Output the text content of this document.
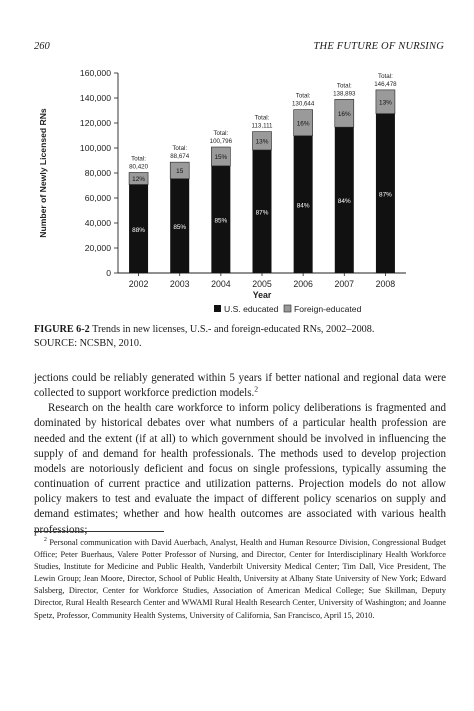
260	THE FUTURE OF NURSING
0
20,000
40,000
60,000
80,000
100,000
120,000
140,000
160,000
Number of Newly Licensed RNs	88%
12%
Total:
80,420
2002
85%
15
Total:
88,674
2003
85%
15%
Total:
100,796
2004
87%
13%
Total:
113,111
2005
84%
16%
Total:
130,644
2006
84%
16%
Total:
138,893
2007
87%
13%
Total:
146,478
2008
Year
U.S. educated Foreign-educated
FIGURE 6-2 Trends in new licenses, U.S.- and foreign-educated RNs, 2002–2008.
SOURCE: NCSBN, 2010.

jections could be reliably generated within 5 years if better national and regional data were collected to support workforce prediction models.$^2$

Research on the health care workforce to inform policy deliberations is fragmented and dominated by historical debates over what numbers of a particular health profession are needed and the extent (if at all) to which government should be involved in influencing the supply of and demand for health professionals. The methods used to develop projection models are notoriously deficient and focus on single professions, typically assuming the continuation of current practice and utilization patterns. Projection models do not allow policy makers to test and evaluate the impact of different policy scenarios on supply and demand estimates; whether and how health outcomes are associated with various health professions;

$^2$ Personal communication with David Auerbach, Analyst, Health and Human Resource Division, Congressional Budget Office; Peter Buerhaus, Valere Potter Professor of Nursing, and Director, Center for Interdisciplinary Health Workforce Studies, Institute for Medicine and Public Health, Vanderbilt University Medical Center; Tim Dall, Vice President, The Lewin Group; Jean Moore, Director, School of Public Health, University at Albany State University of New York; Edward Salsberg, Director, Center for Workforce Studies, Association of American Medical College; Sue Skillman, Deputy Director, Rural Health Research Center and WWAMI Rural Health Research Center, University of Washington; and Joanne Spetz, Professor, Community Health Systems, University of California, San Francisco, April 15, 2010.
